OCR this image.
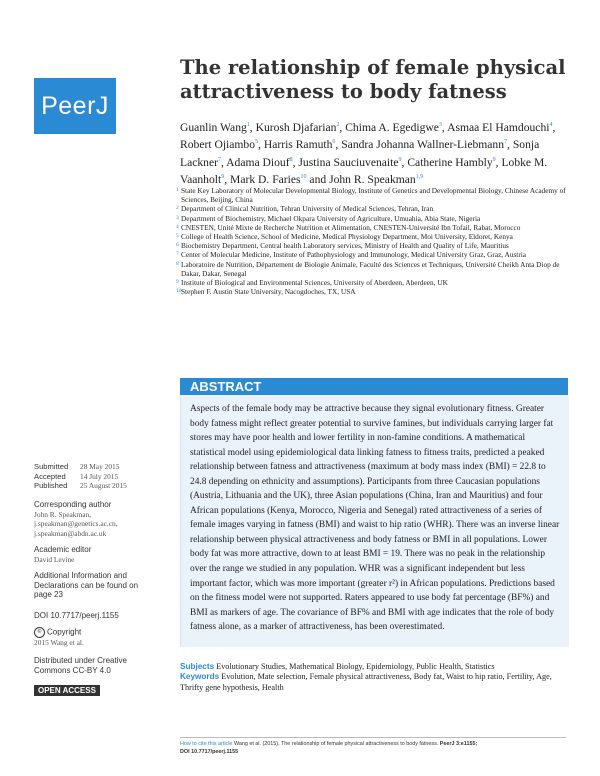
PeerJ
The relationship of female physical attractiveness to body fatness

Guanlin Wang$^1$, Kurosh Djafarian$^2$, Chima A. Egedigwe$^3$, Asmaa El Hamdouchi$^4$, Robert Ojiambo$^5$, Harris Ramuth$^6$, Sandra Johanna Wallner-Liebmann$^7$, Sonja Lackner$^7$, Adama Diouf$^8$, Justina Sauciuvenaite$^9$, Catherine Hambly$^9$, Lobke M. Vaanholt$^9$, Mark D. Faries$^{10}$ and John R. Speakman$^{1,9}$

1 State Key Laboratory of Molecular Developmental Biology, Institute of Genetics and Developmental Biology, Chinese Academy of Sciences, Beijing, China
2 Department of Clinical Nutrition, Tehran University of Medical Sciences, Tehran, Iran
3 Department of Biochemistry, Michael Okpara University of Agriculture, Umuahia, Abia State, Nigeria
4 CNESTEN, Unité Mixte de Recherche Nutrition et Alimentation, CNESTEN-Université Ibn Tofail, Rabat, Morocco
5 College of Health Science, School of Medicine, Medical Physiology Department, Moi University, Eldoret, Kenya
6 Biochemistry Department, Central health Laboratory services, Ministry of Health and Quality of Life, Mauritius
7 Center of Molecular Medicine, Institute of Pathophysiology and Immunology, Medical University Graz, Graz, Austria
8 Laboratoire de Nutrition, Département de Biologie Animale, Faculté des Sciences et Techniques, Université Cheikh Anta Diop de Dakar, Dakar, Senegal
9 Institute of Biological and Environmental Sciences, University of Aberdeen, Aberdeen, UK
10 Stephen F. Austin State University, Nacogdoches, TX, USA
ABSTRACT

Aspects of the female body may be attractive because they signal evolutionary fitness. Greater body fatness might reflect greater potential to survive famines, but individuals carrying larger fat stores may have poor health and lower fertility in non-famine conditions. A mathematical statistical model using epidemiological data linking fatness to fitness traits, predicted a peaked relationship between fatness and attractiveness (maximum at body mass index (BMI) = 22.8 to 24.8 depending on ethnicity and assumptions). Participants from three Caucasian populations (Austria, Lithuania and the UK), three Asian populations (China, Iran and Mauritius) and four African populations (Kenya, Morocco, Nigeria and Senegal) rated attractiveness of a series of female images varying in fatness (BMI) and waist to hip ratio (WHR). There was an inverse linear relationship between physical attractiveness and body fatness or BMI in all populations. Lower body fat was more attractive, down to at least BMI = 19. There was no peak in the relationship over the range we studied in any population. WHR was a significant independent but less important factor, which was more important (greater r²) in African populations. Predictions based on the fitness model were not supported. Raters appeared to use body fat percentage (BF%) and BMI as markers of age. The covariance of BF% and BMI with age indicates that the role of body fatness alone, as a marker of attractiveness, has been overestimated.

Submitted 28 May 2015
Accepted 14 July 2015
Published 25 August 2015
Corresponding author
John R. Speakman,
j.speakman@genetics.ac.cn,
j.speakman@abdn.ac.uk
Academic editor
David Levine
Additional Information and Declarations can be found on page 23
DOI 10.7717/peerj.1155
© Copyright
2015 Wang et al.
Distributed under Creative Commons CC-BY 4.0
OPEN ACCESS

Subjects Evolutionary Studies, Mathematical Biology, Epidemiology, Public Health, Statistics
Keywords Evolution, Mate selection, Female physical attractiveness, Body fat, Waist to hip ratio, Fertility, Age, Thrifty gene hypothesis, Health

How to cite this article Wang et al. (2015), The relationship of female physical attractiveness to body fatness. PeerJ 3:e1155;
DOI 10.7717/peerj.1155
